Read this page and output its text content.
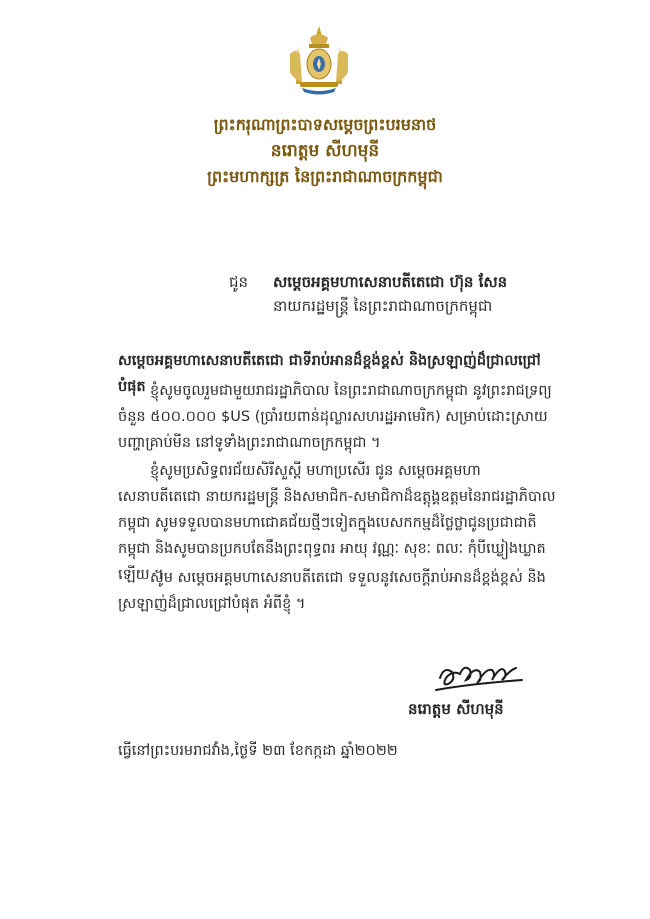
ព្រះករុណាព្រះបាទសម្តេចព្រះបរមនាថ
នរោត្តម សីហមុនី
ព្រះមហាក្សត្រ នៃព្រះរាជាណាចក្រកម្ពុជា
ជូន សម្តេចអគ្គមហាសេនាបតីតេជោ ហ៊ុន សែន
នាយករដ្ឋមន្ត្រី នៃព្រះរាជាណាចក្រកម្ពុជា
សម្តេចអគ្គមហាសេនាបតីតេជោ ជាទីរាប់អានដ៏ខ្ពង់ខ្ពស់ និងស្រឡាញ់ដ៏ជ្រាលជ្រៅបំផុត ខ្ញុំសូមចូលរួមជាមួយរាជរដ្ឋាភិបាល នៃព្រះរាជាណាចក្រកម្ពុជា នូវព្រះរាជទ្រព្យចំនួន ៥០០.០០០ $US (ប្រាំរយពាន់ដុល្លារសហរដ្ឋអាមេរិក) សម្រាប់ដោះស្រាយបញ្ហាគ្រាប់មីន នៅទូទាំងព្រះរាជាណាចក្រកម្ពុជា ។
ខ្ញុំសូមប្រសិទ្ធពរជ័យសិរីសួស្តី មហាប្រសើរ ជូន សម្តេចអគ្គមហាសេនាបតីតេជោ នាយករដ្ឋមន្ត្រី និងសមាជិក-សមាជិកាដ៏ឧត្តុង្គឧត្តមនៃរាជរដ្ឋាភិបាលកម្ពុជា សូមទទួលបានមហាជោគជ័យថ្មីៗទៀតក្នុងបេសកកម្មដ៏ថ្លៃថ្លាជូនប្រជាជាតិកម្ពុជា និងសូមបានប្រកបតែនឹងព្រះពុទ្ធពរ អាយុ វណ្ណៈ សុខៈ ពលៈ កុំបីឃ្លៀងឃ្លាតឡើយ ។
សូម សម្តេចអគ្គមហាសេនាបតីតេជោ ទទួលនូវសេចក្តីរាប់អានដ៏ខ្ពង់ខ្ពស់ និងស្រឡាញ់ដ៏ជ្រាលជ្រៅបំផុត អំពីខ្ញុំ ។
នរោត្តម សីហមុនី
ធ្វើនៅព្រះបរមរាជវាំង,ថ្ងៃទី ២៣ ខែកក្កដា ឆ្នាំ២០២២
